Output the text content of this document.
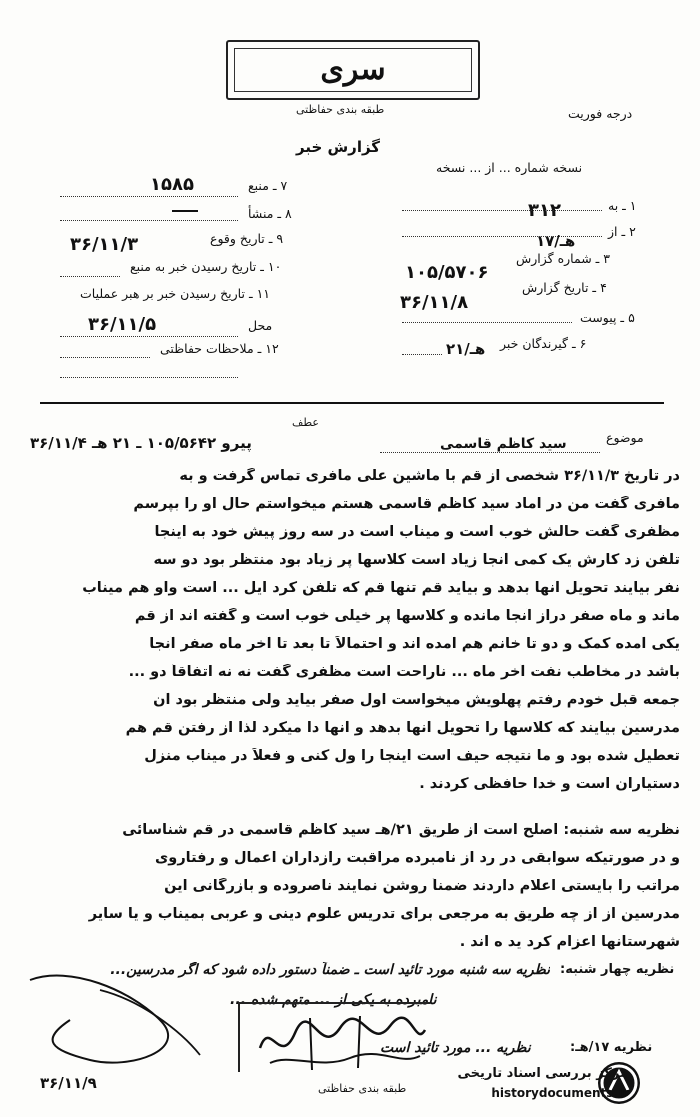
سری
طبقه بندی حفاظتی	درجه فوریت
گزارش خبر
نسخه شماره ... از ... نسخه
۷ ـ منبع
۱۵۸۵
۸ ـ منشأ
۹ ـ تاریخ وقوع
۳۶/۱۱/۳
۱۰ ـ تاریخ رسیدن خبر به منبع
۱۱ ـ تاریخ رسیدن خبر بر هبر عملیات
محل
۳۶/۱۱/۵
۱۲ ـ ملاحظات حفاظتی
۱ ـ به
۳۱۲
۲ ـ از
۱۷/هـ
۳ ـ شماره گزارش
۱۰۵/۵۷۰۶
۴ ـ تاریخ گزارش
۳۶/۱۱/۸
۵ ـ پیوست
۶ ـ گیرندگان خبر
۲۱/هـ
عطف
موضوع
سید کاظم قاسمی
پیرو ۱۰۵/۵۶۴۲ ـ ۲۱ هـ ۳۶/۱۱/۴
در تاریخ ۳۶/۱۱/۳ شخصی از قم با ماشین علی مافری تماس گرفت و به
مافری گفت من در اماد سید کاظم قاسمی هستم میخواستم حال او را بپرسم
مظفری گفت حالش خوب است و میناب است در سه روز پیش خود به اینجا
تلفن زد کارش یک کمی آنجا زیاد است کلاسها پر زیاد بود منتظر بود دو سه
نفر بیایند تحویل آنها بدهد و بیاید قم تنها قم که تلفن کرد ایل ... است واو هم میناب
ماند و ماه صفر دراز آنجا مانده و کلاسها پر خیلی خوب است و گفته اند از قم
یکی آمده کمک و دو تا خانم هم آمده اند و احتمالاً تا بعد تا آخر ماه صفر آنجا
باشد در مخاطب نفت آخر ماه ... ناراحت است مظفری گفت نه نه اتفاقاً دو ...
جمعه قبل خودم رفتم پهلویش میخواست اول صفر بیاید ولی منتظر بود آن
مدرسین بیایند که کلاسها را تحویل آنها بدهد و آنها دا میکرد لذا از رفتن قم هم
تعطیل شده بود و ما نتیجه حیف است اینجا را ول کنی و فعلاً در میناب منزل
دستیاران است و خدا حافظی کردند .
نظریه سه شنبه: اصلح است از طریق ۲۱/هـ سید کاظم قاسمی در قم شناسائی
و در صورتیکه سوابقی در رد از نامبرده مراقبت رازداران اعمال و رفتاروی
مراتب را بایستی اعلام داردند ضمناً روشن نمایند ناصروده و بازرگانی این
مدرسین از از چه طریق به مرجعی برای تدریس علوم دینی و عربی بمیناب و یا سایر
شهرستانها اعزام کرد ید ه اند .
نظریه چهار شنبه:
نظریه سه شنبه مورد تائید است ـ ضمناً دستور داده شود که اگر مدرسین...
نامبرده به یکی از ... متهم شده ...
نظریه ۱۷/هـ:
نظریه ... مورد تائید است
۳۶/۱۱/۹	طبقه بندی حفاظتی
مرکز بررسی اسناد تاریخی
historydocuments.ir
